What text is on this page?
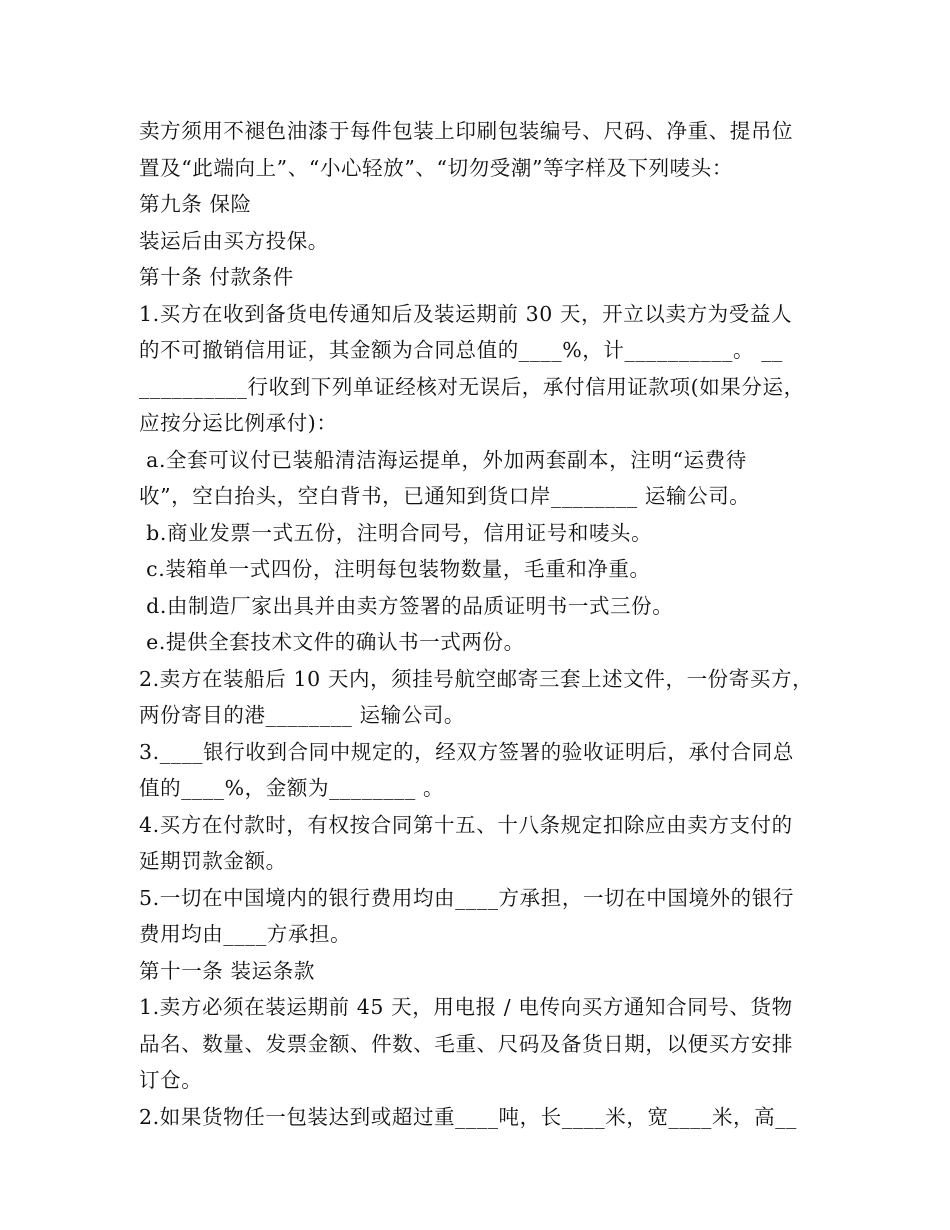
卖方须用不褪色油漆于每件包装上印刷包装编号、尺码、净重、提吊位
置及“此端向上”、“小心轻放”、“切勿受潮”等字样及下列唛头：
第九条 保险
装运后由买方投保。
第十条 付款条件
1.买方在收到备货电传通知后及装运期前 30 天，开立以卖方为受益人
的不可撤销信用证，其金额为合同总值的____%，计__________。 __
__________行收到下列单证经核对无误后，承付信用证款项(如果分运，
应按分运比例承付)：
a.全套可议付已装船清洁海运提单，外加两套副本，注明“运费待
收”，空白抬头，空白背书，已通知到货口岸________ 运输公司。
b.商业发票一式五份，注明合同号，信用证号和唛头。
c.装箱单一式四份，注明每包装物数量，毛重和净重。
d.由制造厂家出具并由卖方签署的品质证明书一式三份。
e.提供全套技术文件的确认书一式两份。
2.卖方在装船后 10 天内，须挂号航空邮寄三套上述文件，一份寄买方，
两份寄目的港________ 运输公司。
3.____银行收到合同中规定的，经双方签署的验收证明后，承付合同总
值的____%，金额为________ 。
4.买方在付款时，有权按合同第十五、十八条规定扣除应由卖方支付的
延期罚款金额。
5.一切在中国境内的银行费用均由____方承担，一切在中国境外的银行
费用均由____方承担。
第十一条 装运条款
1.卖方必须在装运期前 45 天，用电报 / 电传向买方通知合同号、货物
品名、数量、发票金额、件数、毛重、尺码及备货日期，以便买方安排
订仓。
2.如果货物任一包装达到或超过重____吨，长____米，宽____米，高__
